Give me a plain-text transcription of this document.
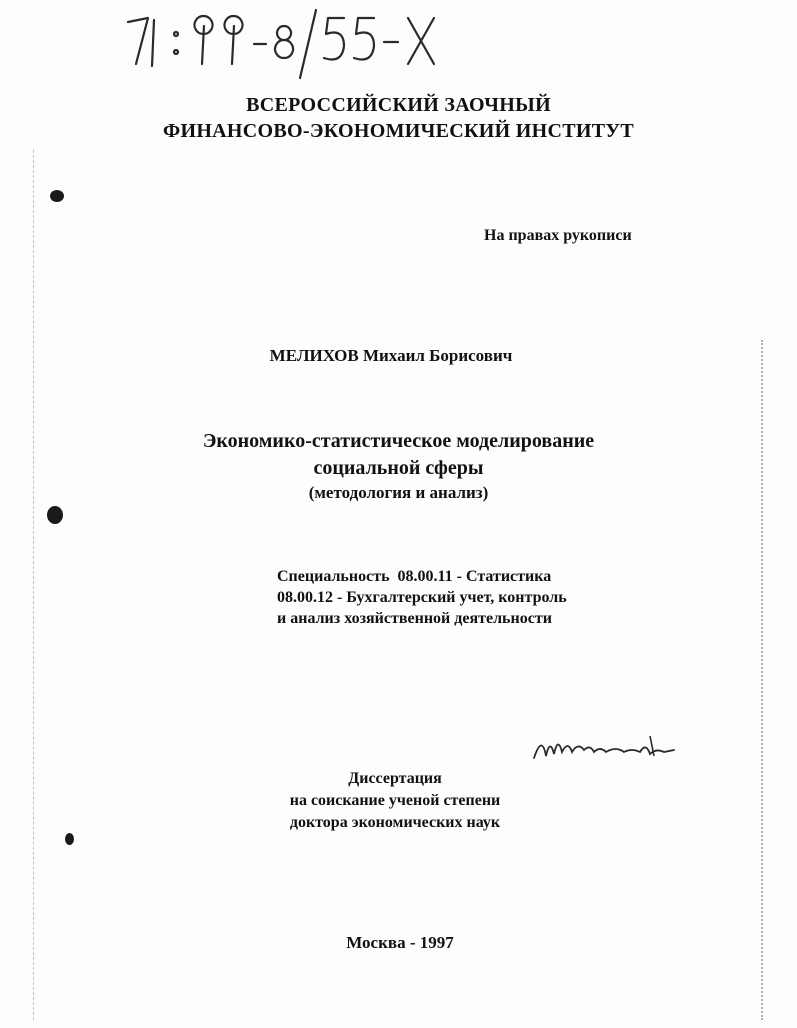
ВСЕРОССИЙСКИЙ ЗАОЧНЫЙ
ФИНАНСОВО-ЭКОНОМИЧЕСКИЙ ИНСТИТУТ
На правах рукописи
МЕЛИХОВ Михаил Борисович
Экономико-статистическое моделирование
социальной сферы
(методология и анализ)
Специальность  08.00.11 - Статистика
08.00.12 - Бухгалтерский учет, контроль
и анализ хозяйственной деятельности
Диссертация
на соискание ученой степени
доктора экономических наук
Москва - 1997
